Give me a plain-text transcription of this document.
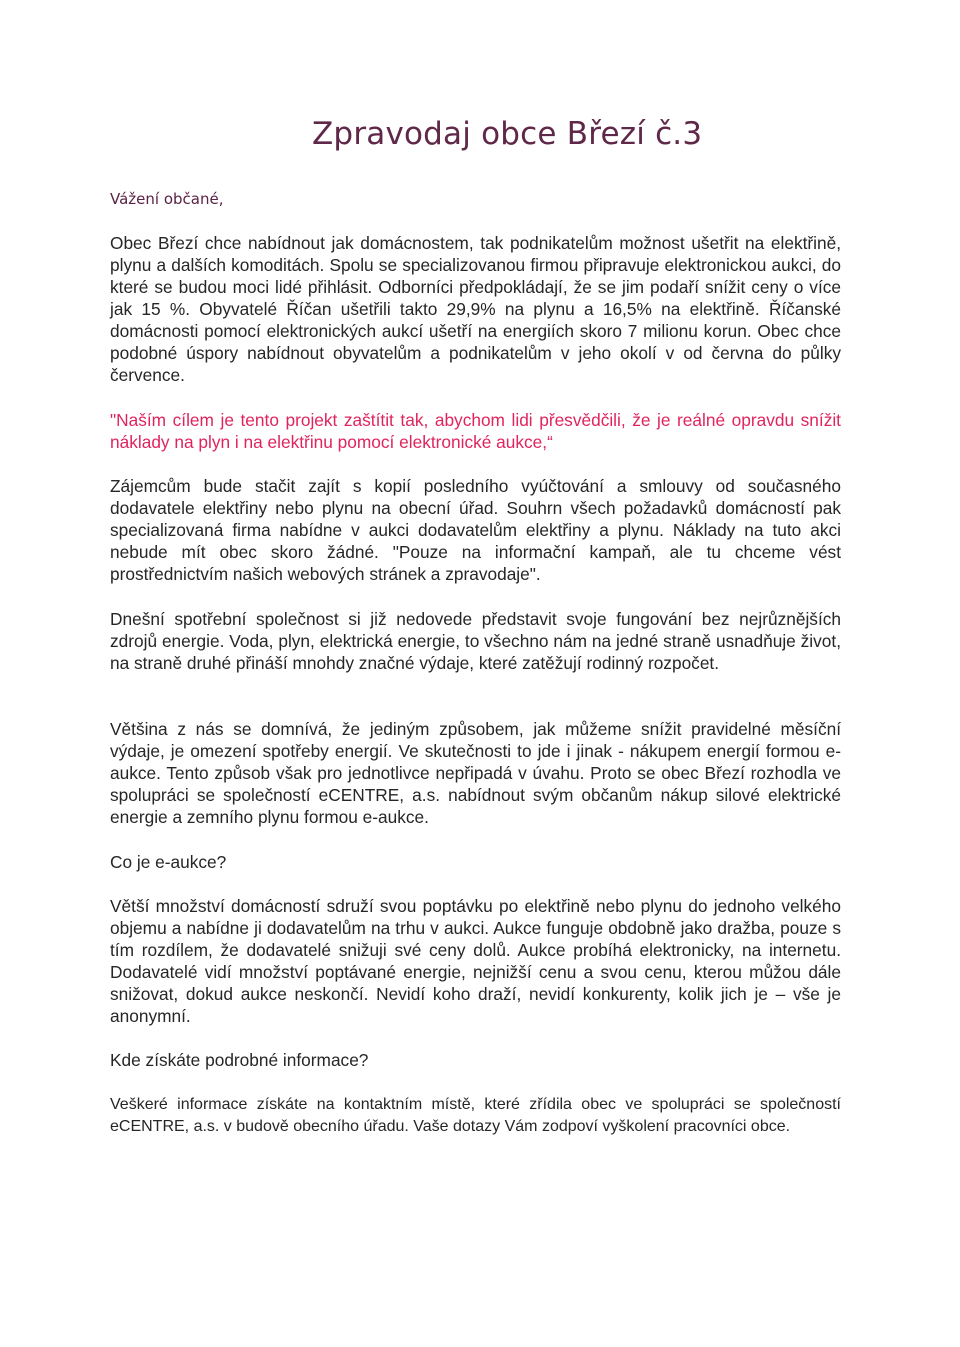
Zpravodaj obce Březí č.3
Vážení občané,

Obec Březí chce nabídnout jak domácnostem, tak podnikatelům možnost ušetřit na elektřině, plynu a dalších komoditách. Spolu se specializovanou firmou připravuje elektronickou aukci, do které se budou moci lidé přihlásit. Odborníci předpokládají, že se jim podaří snížit ceny o více jak 15 %. Obyvatelé Říčan ušetřili takto 29,9% na plynu a 16,5% na elektřině. Říčanské domácnosti pomocí elektronických aukcí ušetří na energiích skoro 7 milionu korun. Obec chce podobné úspory nabídnout obyvatelům a podnikatelům v jeho okolí v od června do půlky července.

"Naším cílem je tento projekt zaštítit tak, abychom lidi přesvědčili, že je reálné opravdu snížit náklady na plyn i na elektřinu pomocí elektronické aukce,“

Zájemcům bude stačit zajít s kopií posledního vyúčtování a smlouvy od současného dodavatele elektřiny nebo plynu na obecní úřad. Souhrn všech požadavků domácností pak specializovaná firma nabídne v aukci dodavatelům elektřiny a plynu. Náklady na tuto akci nebude mít obec skoro žádné. "Pouze na informační kampaň, ale tu chceme vést prostřednictvím našich webových stránek a zpravodaje".

Dnešní spotřební společnost si již nedovede představit svoje fungování bez nejrůznějších zdrojů energie. Voda, plyn, elektrická energie, to všechno nám na jedné straně usnadňuje život, na straně druhé přináší mnohdy značné výdaje, které zatěžují rodinný rozpočet.

Většina z nás se domnívá, že jediným způsobem, jak můžeme snížit pravidelné měsíční výdaje, je omezení spotřeby energií. Ve skutečnosti to jde i jinak - nákupem energií formou e-aukce. Tento způsob však pro jednotlivce nepřipadá v úvahu. Proto se obec Březí rozhodla ve spolupráci se společností eCENTRE, a.s. nabídnout svým občanům nákup silové elektrické energie a zemního plynu formou e-aukce.

Co je e-aukce?

Větší množství domácností sdruží svou poptávku po elektřině nebo plynu do jednoho velkého objemu a nabídne ji dodavatelům na trhu v aukci. Aukce funguje obdobně jako dražba, pouze s tím rozdílem, že dodavatelé snižuji své ceny dolů. Aukce probíhá elektronicky, na internetu. Dodavatelé vidí množství poptávané energie, nejnižší cenu a svou cenu, kterou můžou dále snižovat, dokud aukce neskončí. Nevidí koho draží, nevidí konkurenty, kolik jich je – vše je anonymní.

Kde získáte podrobné informace?

Veškeré informace získáte na kontaktním místě, které zřídila obec ve spolupráci se společností eCENTRE, a.s. v budově obecního úřadu. Vaše dotazy Vám zodpoví vyškolení pracovníci obce.
